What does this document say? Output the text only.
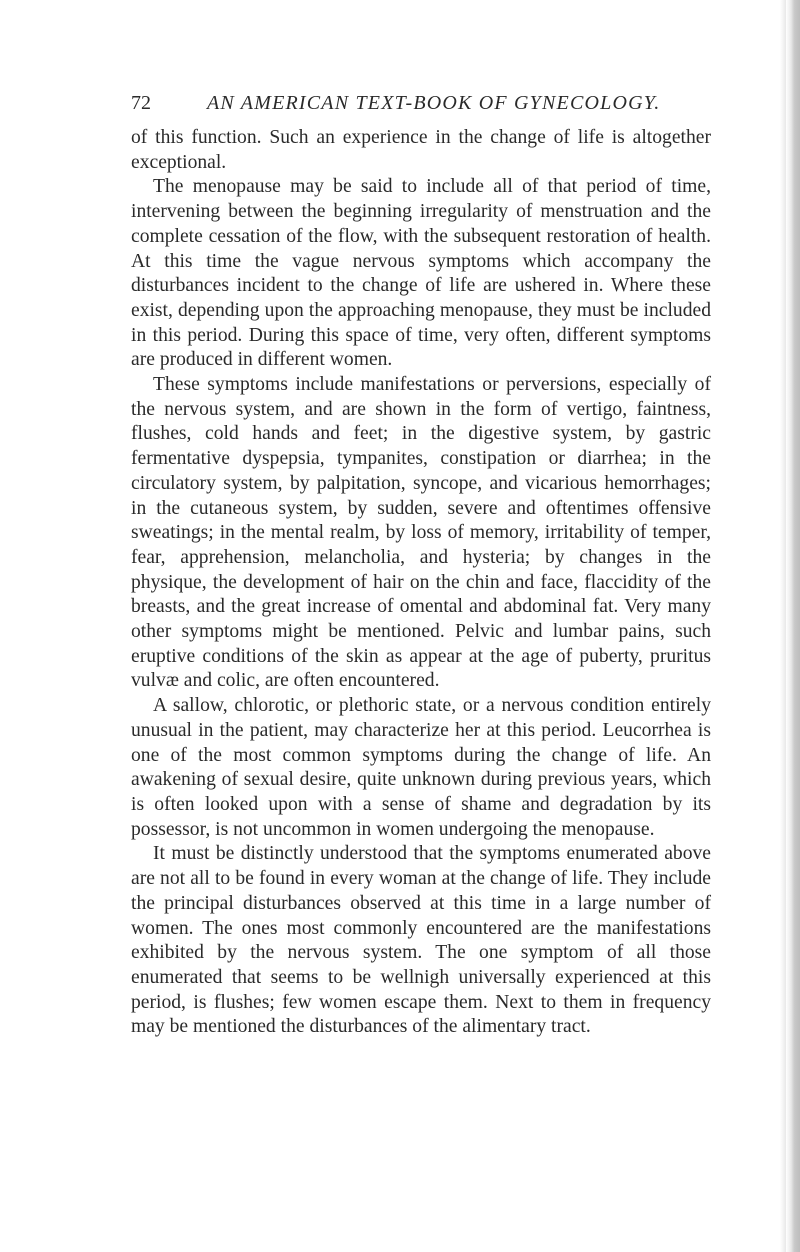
72	AN AMERICAN TEXT-BOOK OF GYNECOLOGY.

of this function. Such an experience in the change of life is altogether exceptional.

The menopause may be said to include all of that period of time, intervening between the beginning irregularity of menstruation and the complete cessation of the flow, with the subsequent restoration of health. At this time the vague nervous symptoms which accompany the disturbances incident to the change of life are ushered in. Where these exist, depending upon the approaching menopause, they must be included in this period. During this space of time, very often, different symptoms are produced in different women.

These symptoms include manifestations or perversions, especially of the nervous system, and are shown in the form of vertigo, faintness, flushes, cold hands and feet; in the digestive system, by gastric fermentative dyspepsia, tympanites, constipation or diarrhea; in the circulatory system, by palpitation, syncope, and vicarious hemorrhages; in the cutaneous system, by sudden, severe and oftentimes offensive sweatings; in the mental realm, by loss of memory, irritability of temper, fear, apprehension, melancholia, and hysteria; by changes in the physique, the development of hair on the chin and face, flaccidity of the breasts, and the great increase of omental and abdominal fat. Very many other symptoms might be mentioned. Pelvic and lumbar pains, such eruptive conditions of the skin as appear at the age of puberty, pruritus vulvæ and colic, are often encountered.

A sallow, chlorotic, or plethoric state, or a nervous condition entirely unusual in the patient, may characterize her at this period. Leucorrhea is one of the most common symptoms during the change of life. An awakening of sexual desire, quite unknown during previous years, which is often looked upon with a sense of shame and degradation by its possessor, is not uncommon in women undergoing the menopause.

It must be distinctly understood that the symptoms enumerated above are not all to be found in every woman at the change of life. They include the principal disturbances observed at this time in a large number of women. The ones most commonly encountered are the manifestations exhibited by the nervous system. The one symptom of all those enumerated that seems to be wellnigh universally experienced at this period, is flushes; few women escape them. Next to them in frequency may be mentioned the disturbances of the alimentary tract.
